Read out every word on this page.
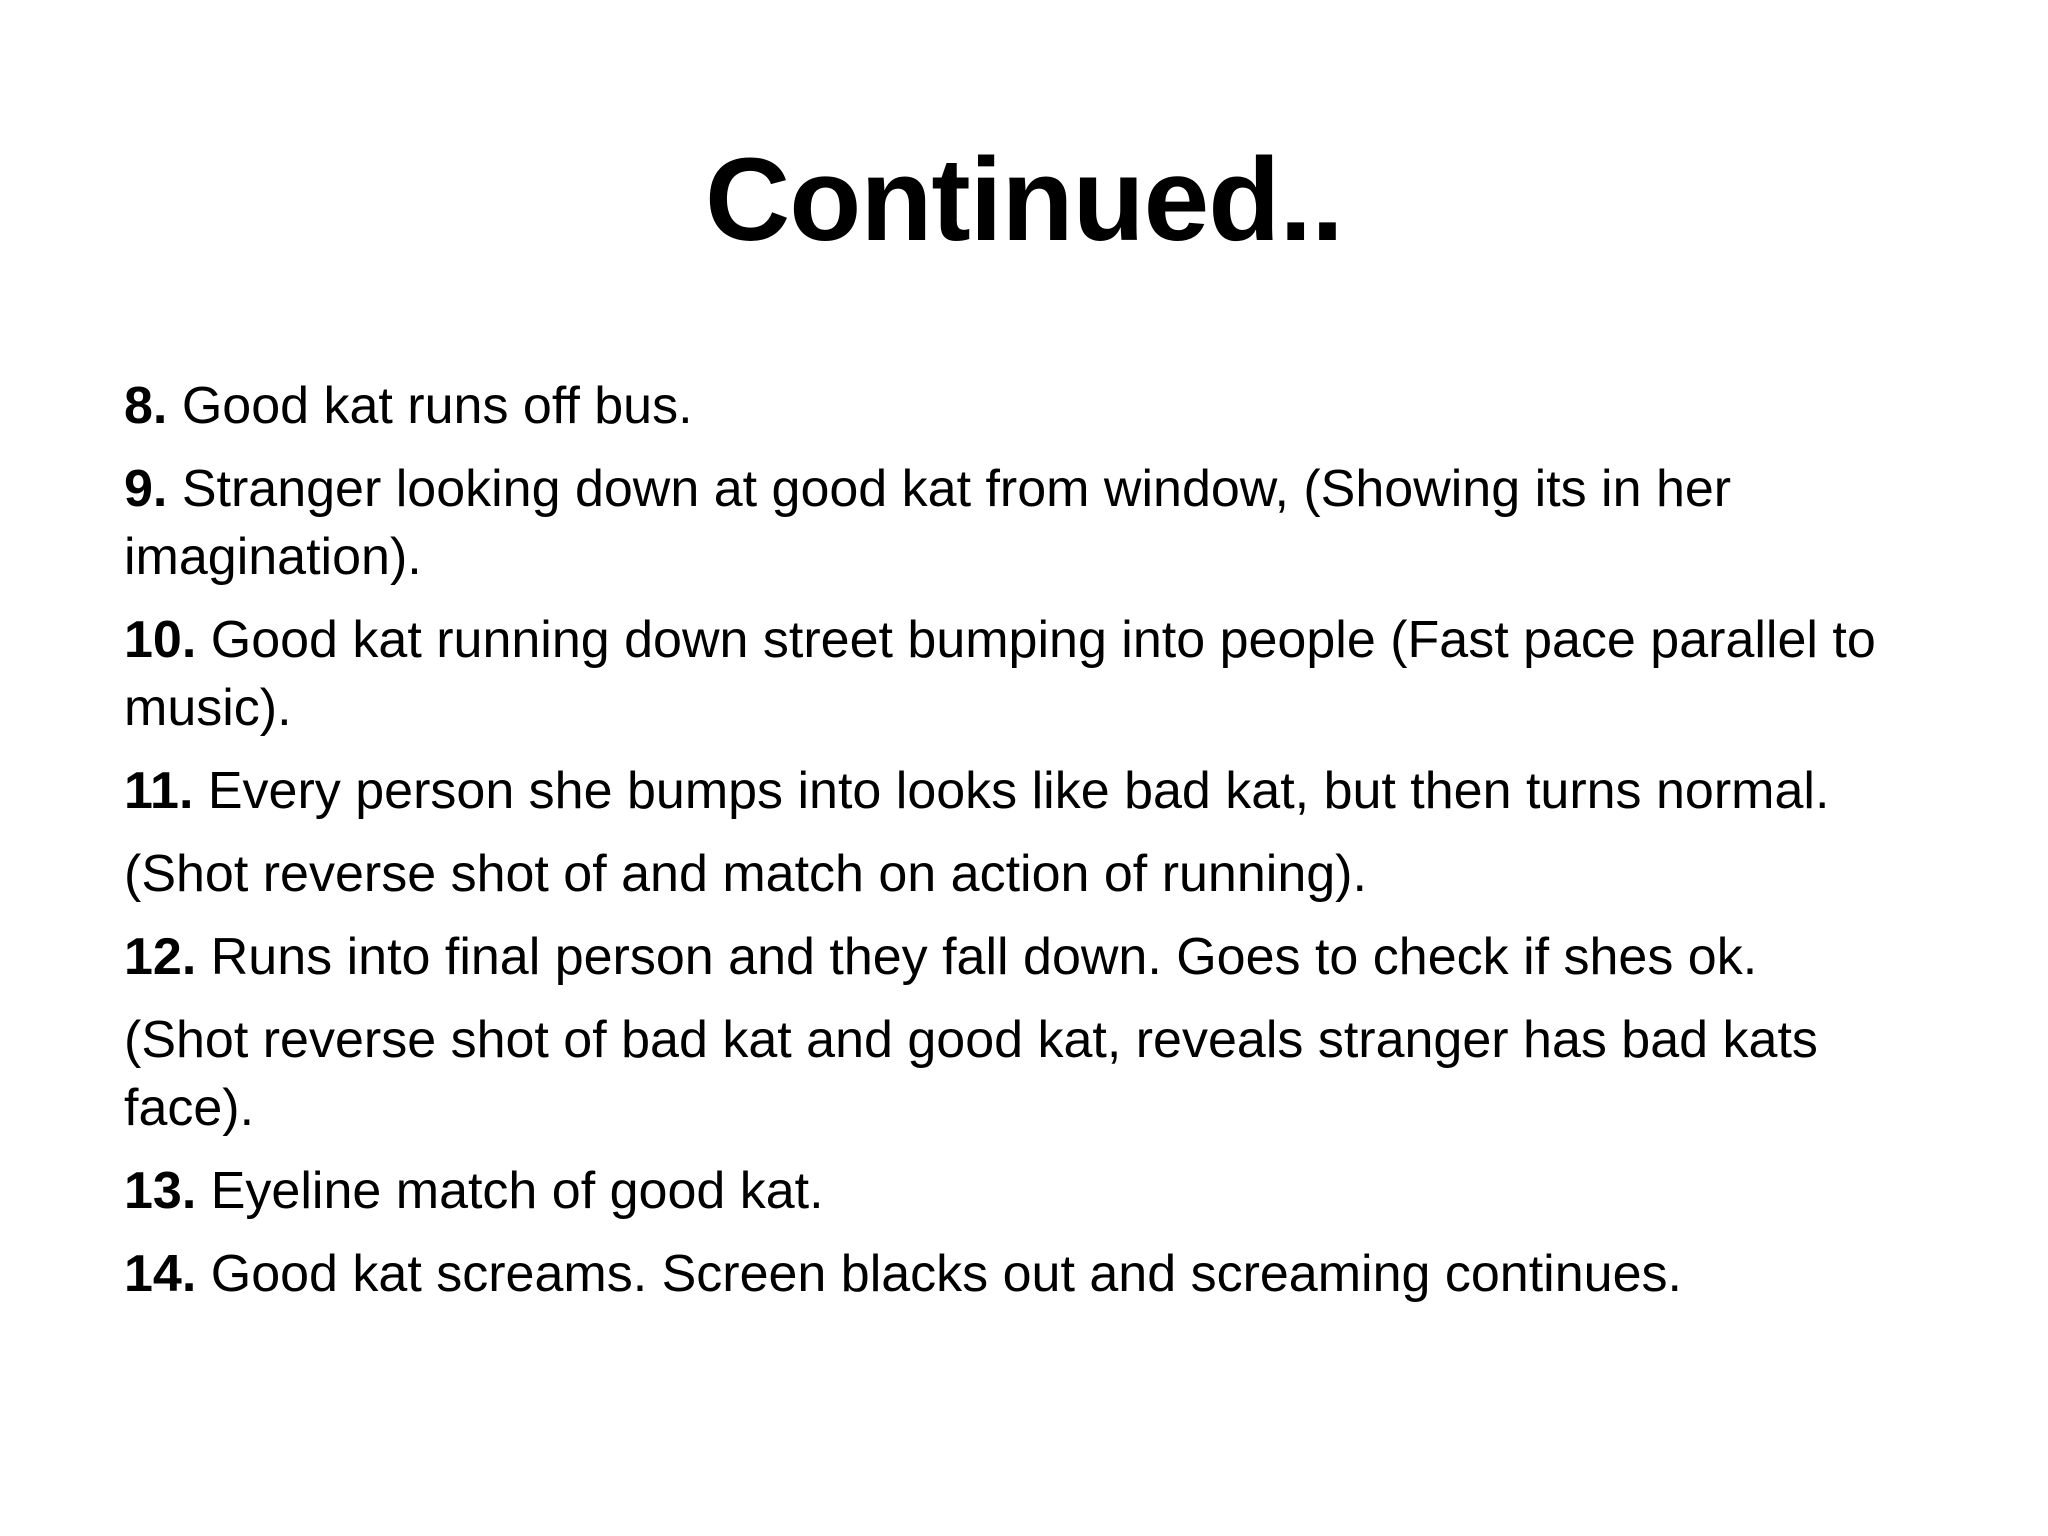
Continued..

8. Good kat runs off bus.

9. Stranger looking down at good kat from window, (Showing its in her imagination).

10. Good kat running down street bumping into people (Fast pace parallel to music).

11. Every person she bumps into looks like bad kat, but then turns normal.

(Shot reverse shot of and match on action of running).

12. Runs into final person and they fall down. Goes to check if shes ok.

(Shot reverse shot of bad kat and good kat, reveals stranger has bad kats face).

13. Eyeline match of good kat.

14. Good kat screams. Screen blacks out and screaming continues.
